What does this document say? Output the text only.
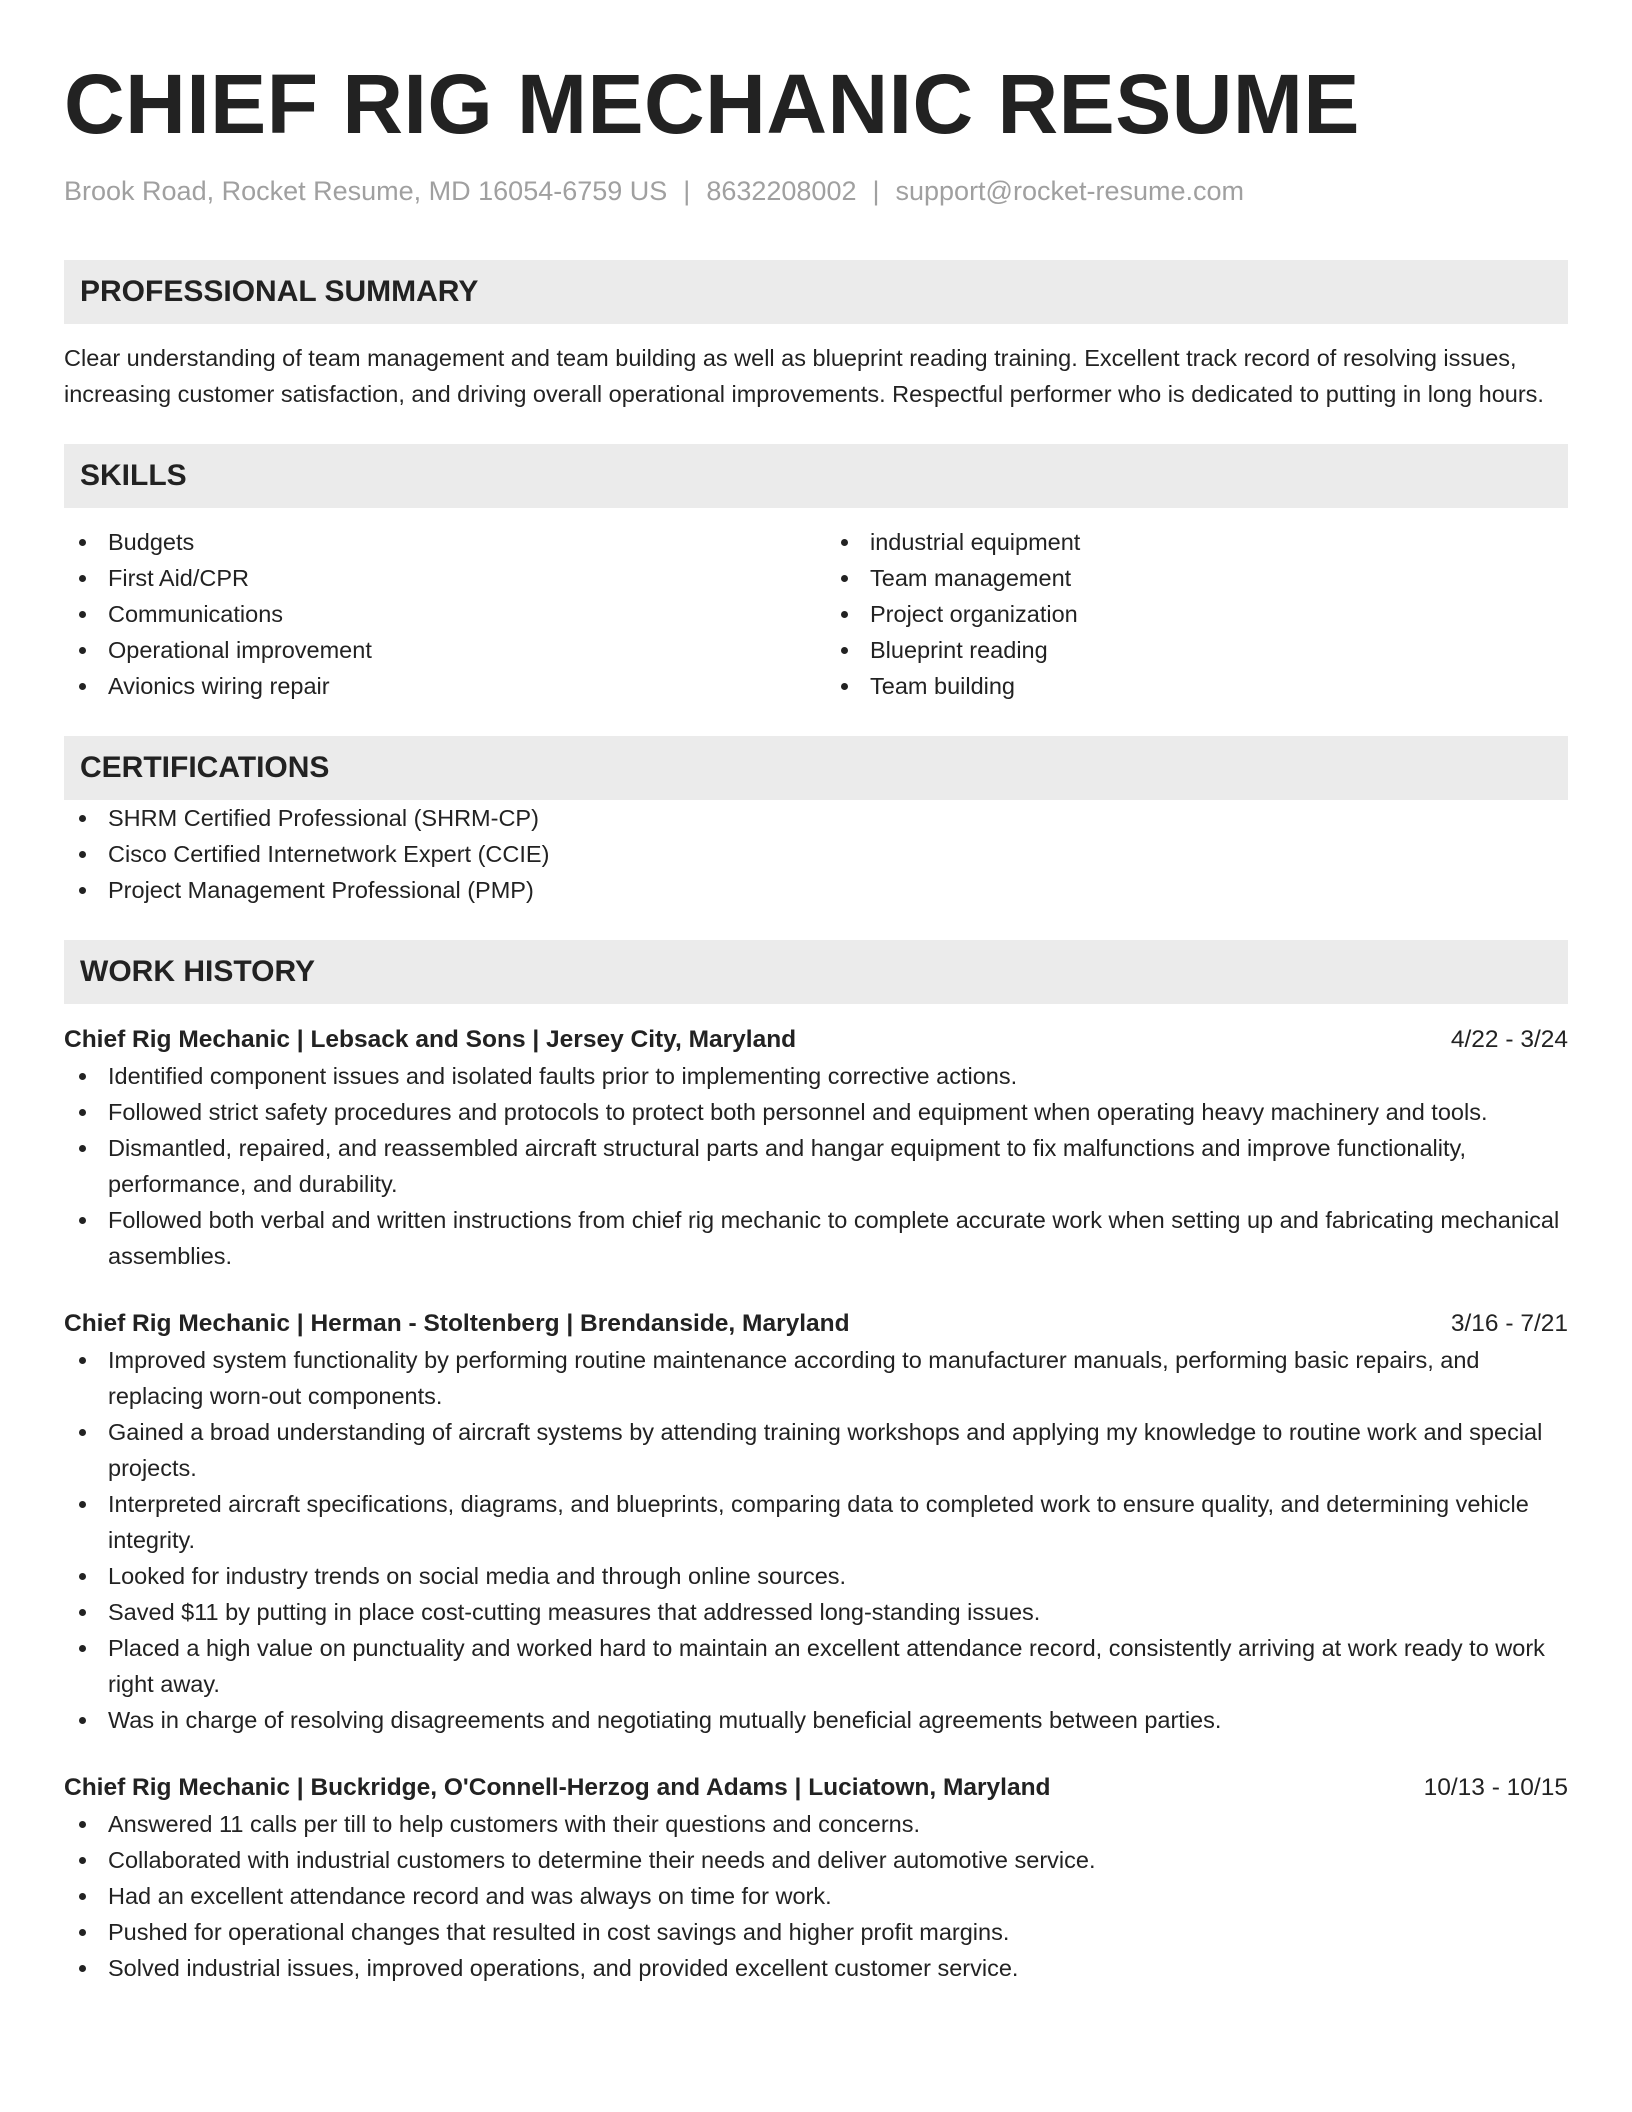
CHIEF RIG MECHANIC RESUME
Brook Road, Rocket Resume, MD 16054-6759 US | 8632208002 | support@rocket-resume.com
PROFESSIONAL SUMMARY

Clear understanding of team management and team building as well as blueprint reading training. Excellent track record of resolving issues, increasing customer satisfaction, and driving overall operational improvements. Respectful performer who is dedicated to putting in long hours.

SKILLS
Budgets
First Aid/CPR
Communications
Operational improvement
Avionics wiring repair
industrial equipment
Team management
Project organization
Blueprint reading
Team building
CERTIFICATIONS
SHRM Certified Professional (SHRM-CP)
Cisco Certified Internetwork Expert (CCIE)
Project Management Professional (PMP)
WORK HISTORY
Chief Rig Mechanic | Lebsack and Sons | Jersey City, Maryland	4/22 - 3/24
Identified component issues and isolated faults prior to implementing corrective actions.
Followed strict safety procedures and protocols to protect both personnel and equipment when operating heavy machinery and tools.
Dismantled, repaired, and reassembled aircraft structural parts and hangar equipment to fix malfunctions and improve functionality, performance, and durability.
Followed both verbal and written instructions from chief rig mechanic to complete accurate work when setting up and fabricating mechanical assemblies.
Chief Rig Mechanic | Herman - Stoltenberg | Brendanside, Maryland	3/16 - 7/21
Improved system functionality by performing routine maintenance according to manufacturer manuals, performing basic repairs, and replacing worn-out components.
Gained a broad understanding of aircraft systems by attending training workshops and applying my knowledge to routine work and special projects.
Interpreted aircraft specifications, diagrams, and blueprints, comparing data to completed work to ensure quality, and determining vehicle integrity.
Looked for industry trends on social media and through online sources.
Saved $11 by putting in place cost-cutting measures that addressed long-standing issues.
Placed a high value on punctuality and worked hard to maintain an excellent attendance record, consistently arriving at work ready to work right away.
Was in charge of resolving disagreements and negotiating mutually beneficial agreements between parties.
Chief Rig Mechanic | Buckridge, O'Connell-Herzog and Adams | Luciatown, Maryland	10/13 - 10/15
Answered 11 calls per till to help customers with their questions and concerns.
Collaborated with industrial customers to determine their needs and deliver automotive service.
Had an excellent attendance record and was always on time for work.
Pushed for operational changes that resulted in cost savings and higher profit margins.
Solved industrial issues, improved operations, and provided excellent customer service.
